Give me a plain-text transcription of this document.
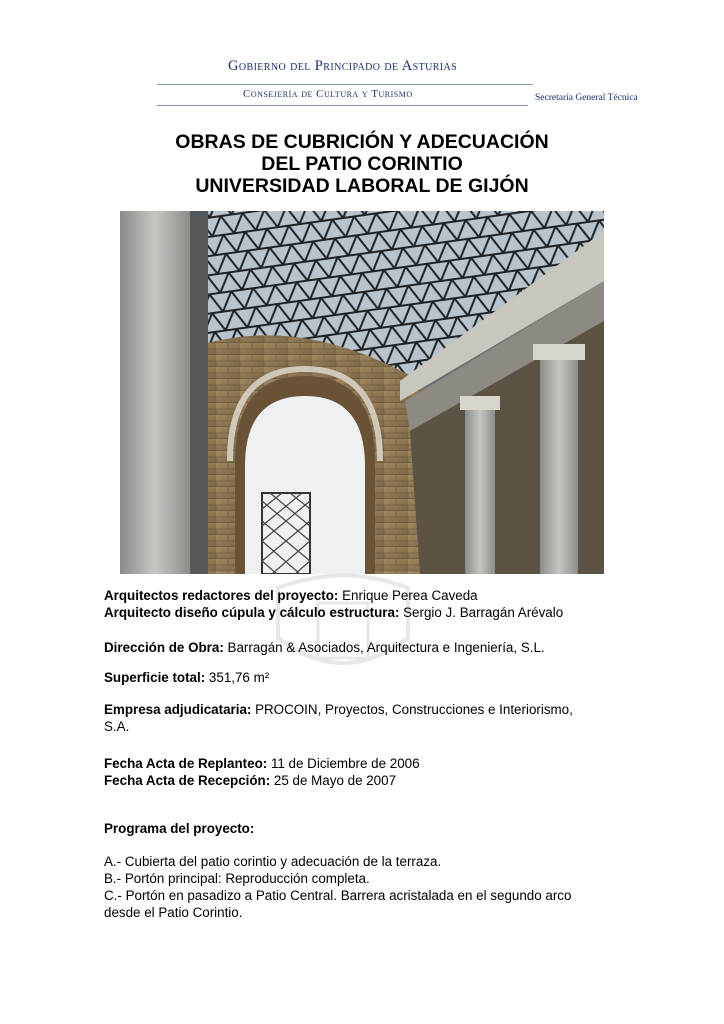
Gobierno del Principado de Asturias
Consejería de Cultura y Turismo	Secretaría General Técnica
OBRAS DE CUBRICIÓN Y ADECUACIÓN
DEL PATIO CORINTIO
UNIVERSIDAD LABORAL DE GIJÓN
Arquitectos redactores del proyecto: Enrique Perea Caveda
Arquitecto diseño cúpula y cálculo estructura: Sergio J. Barragán Arévalo
Dirección de Obra: Barragán & Asociados, Arquitectura e Ingeniería, S.L.
Superficie total: 351,76 m²
Empresa adjudicataria: PROCOIN, Proyectos, Construcciones e Interiorismo,
S.A.
Fecha Acta de Replanteo: 11 de Diciembre de 2006
Fecha Acta de Recepción: 25 de Mayo de 2007
Programa del proyecto:
A.- Cubierta del patio corintio y adecuación de la terraza.
B.- Portón principal: Reproducción completa.
C.- Portón en pasadizo a Patio Central. Barrera acristalada en el segundo arco
desde el Patio Corintio.
